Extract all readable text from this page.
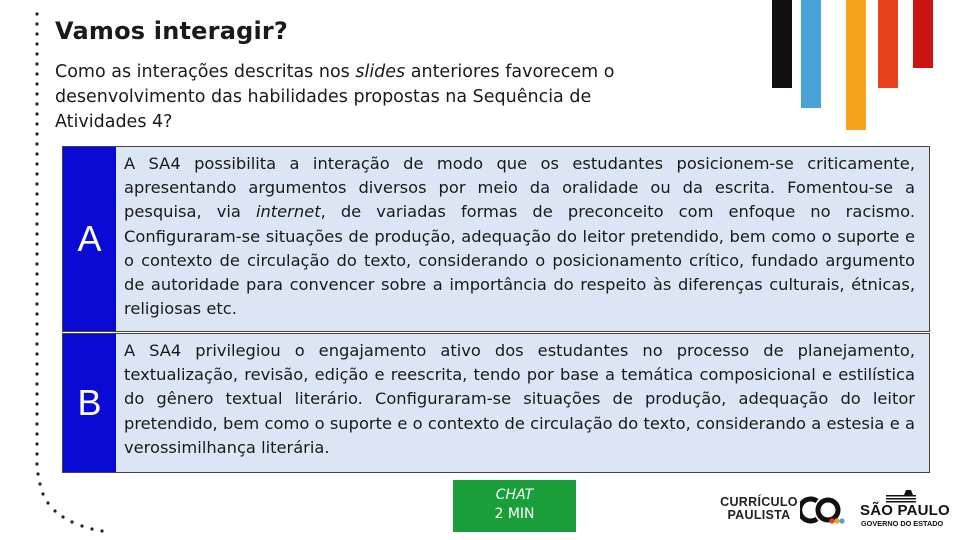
Vamos interagir?
Como as interações descritas nos slides anteriores favorecem o desenvolvimento das habilidades propostas na Sequência de Atividades 4?
A
A SA4 possibilita a interação de modo que os estudantes posicionem-se criticamente, apresentando argumentos diversos por meio da oralidade ou da escrita. Fomentou-se a pesquisa, via internet, de variadas formas de preconceito com enfoque no racismo. Configuraram-se situações de produção, adequação do leitor pretendido, bem como o suporte e o contexto de circulação do texto, considerando o posicionamento crítico, fundado argumento de autoridade para convencer sobre a importância do respeito às diferenças culturais, étnicas, religiosas etc.
B
A SA4 privilegiou o engajamento ativo dos estudantes no processo de planejamento, textualização, revisão, edição e reescrita, tendo por base a temática composicional e estilística do gênero textual literário. Configuraram-se situações de produção, adequação do leitor pretendido, bem como o suporte e o contexto de circulação do texto, considerando a estesia e a verossimilhança literária.
CHAT
2 MIN
CURRÍCULO
PAULISTA	SÃO PAULO
GOVERNO DO ESTADO
